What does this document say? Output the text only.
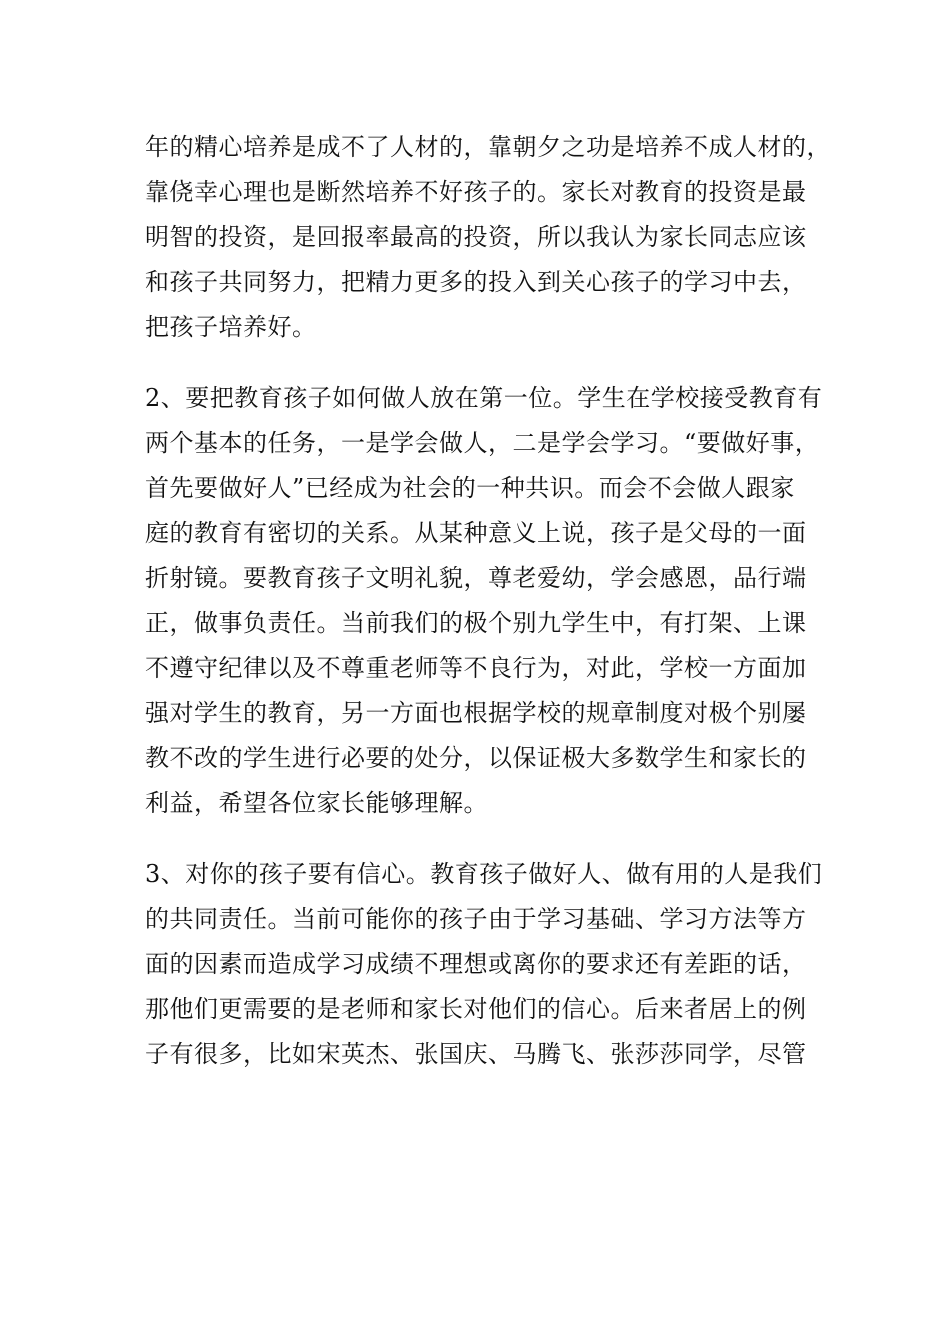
年的精心培养是成不了人材的，靠朝夕之功是培养不成人材的，
靠侥幸心理也是断然培养不好孩子的。家长对教育的投资是最
明智的投资，是回报率最高的投资，所以我认为家长同志应该
和孩子共同努力，把精力更多的投入到关心孩子的学习中去，
把孩子培养好。
2、要把教育孩子如何做人放在第一位。学生在学校接受教育有
两个基本的任务，一是学会做人，二是学会学习。“要做好事，
首先要做好人”已经成为社会的一种共识。而会不会做人跟家
庭的教育有密切的关系。从某种意义上说，孩子是父母的一面
折射镜。要教育孩子文明礼貌，尊老爱幼，学会感恩，品行端
正，做事负责任。当前我们的极个别九学生中，有打架、上课
不遵守纪律以及不尊重老师等不良行为，对此，学校一方面加
强对学生的教育，另一方面也根据学校的规章制度对极个别屡
教不改的学生进行必要的处分，以保证极大多数学生和家长的
利益，希望各位家长能够理解。
3、对你的孩子要有信心。教育孩子做好人、做有用的人是我们
的共同责任。当前可能你的孩子由于学习基础、学习方法等方
面的因素而造成学习成绩不理想或离你的要求还有差距的话，
那他们更需要的是老师和家长对他们的信心。后来者居上的例
子有很多，比如宋英杰、张国庆、马腾飞、张莎莎同学，尽管
